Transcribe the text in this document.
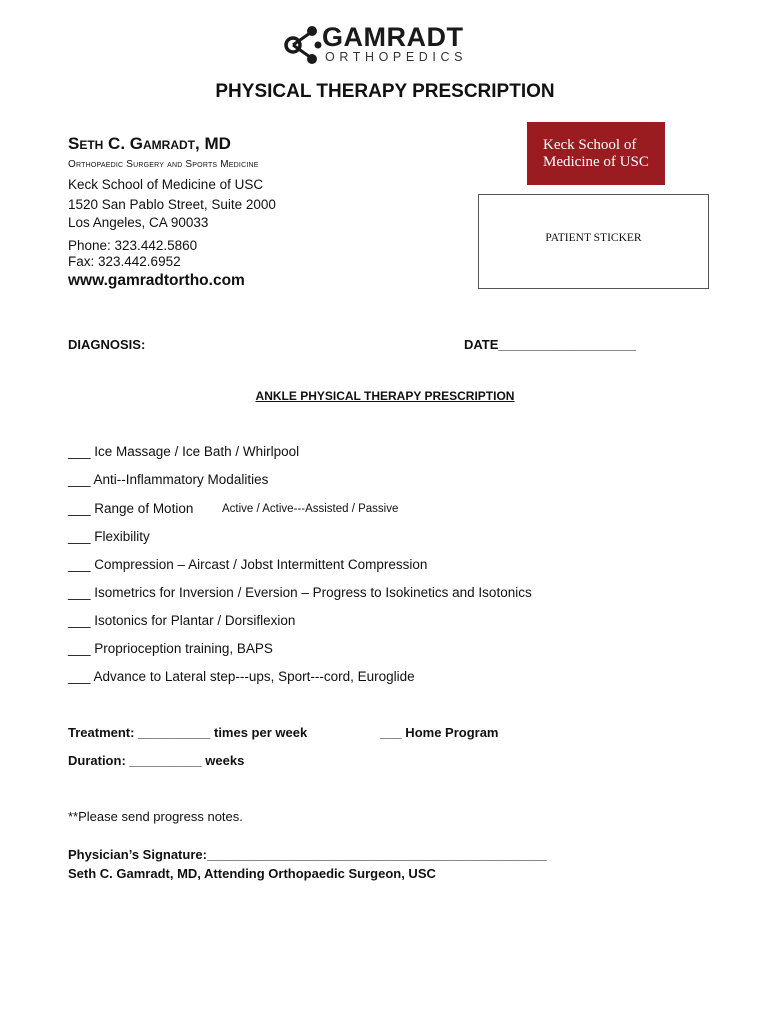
GAMRADT
ORTHOPEDICS
PHYSICAL THERAPY PRESCRIPTION
Seth C. Gamradt, MD
Orthopaedic Surgery and Sports Medicine
Keck School of Medicine of USC
1520 San Pablo Street, Suite 2000
Los Angeles, CA 90033
Phone: 323.442.5860
Fax: 323.442.6952
www.gamradtortho.com
Keck School of
Medicine of USC
PATIENT STICKER
DIAGNOSIS:	DATE___________________
ANKLE PHYSICAL THERAPY PRESCRIPTION
___ Ice Massage / Ice Bath / Whirlpool
___ Anti-‐Inflammatory Modalities
___ Range of Motion Active / Active--‐Assisted / Passive
___ Flexibility
___ Compression – Aircast / Jobst Intermittent Compression
___ Isometrics for Inversion / Eversion – Progress to Isokinetics and Isotonics
___ Isotonics for Plantar / Dorsiflexion
___ Proprioception training, BAPS
___ Advance to Lateral step--‐ups, Sport--‐cord, Euroglide
Treatment: __________ times per week	___ Home Program
Duration: __________ weeks
**Please send progress notes.
Physician’s Signature:_______________________________________________
Seth C. Gamradt, MD, Attending Orthopaedic Surgeon, USC
